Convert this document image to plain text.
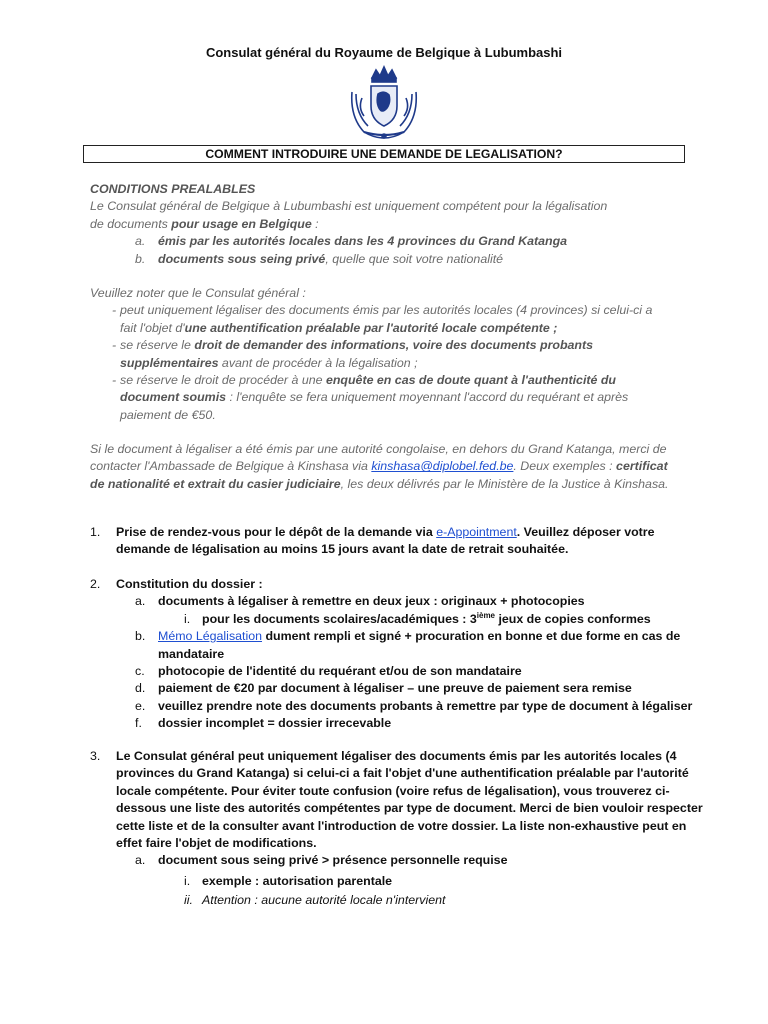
Consulat général du Royaume de Belgique à Lubumbashi
COMMENT INTRODUIRE UNE DEMANDE DE LEGALISATION?
CONDITIONS PREALABLES
Le Consulat général de Belgique à Lubumbashi est uniquement compétent pour la légalisation
de documents pour usage en Belgique :
a. émis par les autorités locales dans les 4 provinces du Grand Katanga
b. documents sous seing privé, quelle que soit votre nationalité
Veuillez noter que le Consulat général :
- peut uniquement légaliser des documents émis par les autorités locales (4 provinces) si celui-ci a
fait l'objet d'une authentification préalable par l'autorité locale compétente ;
- se réserve le droit de demander des informations, voire des documents probants
supplémentaires avant de procéder à la légalisation ;
- se réserve le droit de procéder à une enquête en cas de doute quant à l'authenticité du
document soumis : l'enquête se fera uniquement moyennant l'accord du requérant et après
paiement de €50.
Si le document à légaliser a été émis par une autorité congolaise, en dehors du Grand Katanga, merci de
contacter l'Ambassade de Belgique à Kinshasa via kinshasa@diplobel.fed.be. Deux exemples : certificat
de nationalité et extrait du casier judiciaire, les deux délivrés par le Ministère de la Justice à Kinshasa.
1. Prise de rendez-vous pour le dépôt de la demande via e-Appointment. Veuillez déposer votre
demande de légalisation au moins 15 jours avant la date de retrait souhaitée.
2. Constitution du dossier :
a. documents à légaliser à remettre en deux jeux : originaux + photocopies
i. pour les documents scolaires/académiques : 3ième jeux de copies conformes
b. Mémo Légalisation dument rempli et signé + procuration en bonne et due forme en cas de
mandataire
c. photocopie de l'identité du requérant et/ou de son mandataire
d. paiement de €20 par document à légaliser – une preuve de paiement sera remise
e. veuillez prendre note des documents probants à remettre par type de document à légaliser
f. dossier incomplet = dossier irrecevable
3. Le Consulat général peut uniquement légaliser des documents émis par les autorités locales (4
provinces du Grand Katanga) si celui-ci a fait l'objet d'une authentification préalable par l'autorité
locale compétente. Pour éviter toute confusion (voire refus de légalisation), vous trouverez ci-
dessous une liste des autorités compétentes par type de document. Merci de bien vouloir respecter
cette liste et de la consulter avant l'introduction de votre dossier. La liste non-exhaustive peut en
effet faire l'objet de modifications.
a. document sous seing privé > présence personnelle requise
i. exemple : autorisation parentale
ii. Attention : aucune autorité locale n'intervient
